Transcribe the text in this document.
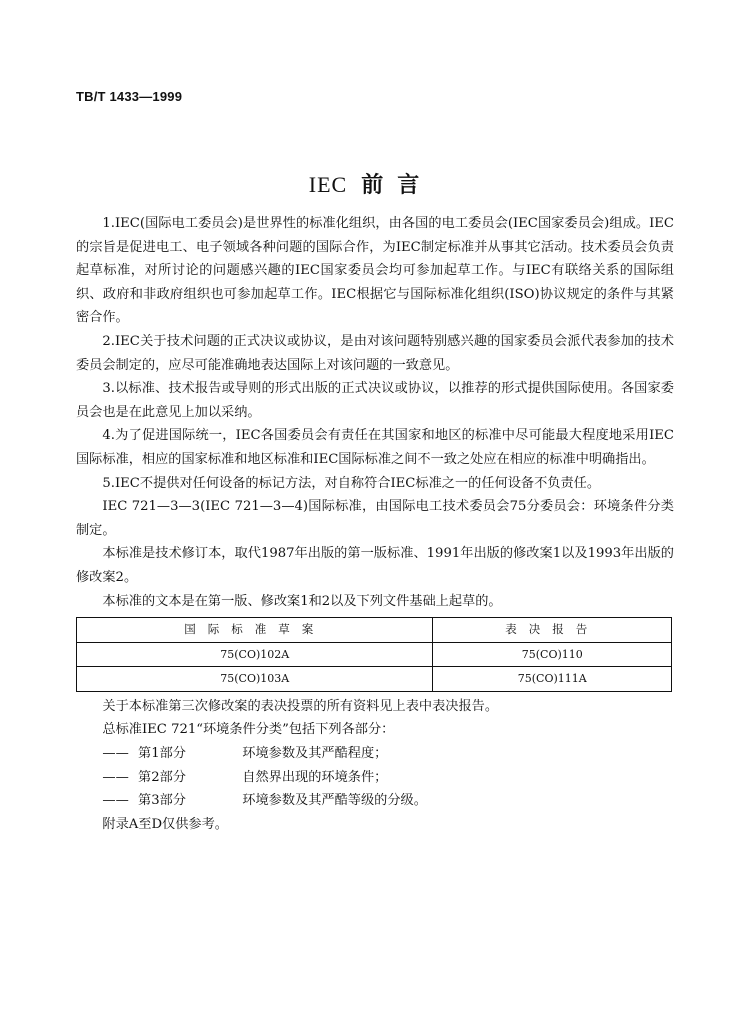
TB/T 1433—1999
IEC 前言

1.IEC(国际电工委员会)是世界性的标准化组织，由各国的电工委员会(IEC国家委员会)组成。IEC的宗旨是促进电工、电子领域各种问题的国际合作，为IEC制定标准并从事其它活动。技术委员会负责起草标准，对所讨论的问题感兴趣的IEC国家委员会均可参加起草工作。与IEC有联络关系的国际组织、政府和非政府组织也可参加起草工作。IEC根据它与国际标准化组织(ISO)协议规定的条件与其紧密合作。

2.IEC关于技术问题的正式决议或协议，是由对该问题特别感兴趣的国家委员会派代表参加的技术委员会制定的，应尽可能准确地表达国际上对该问题的一致意见。

3.以标准、技术报告或导则的形式出版的正式决议或协议，以推荐的形式提供国际使用。各国家委员会也是在此意见上加以采纳。

4.为了促进国际统一，IEC各国委员会有责任在其国家和地区的标准中尽可能最大程度地采用IEC国际标准，相应的国家标准和地区标准和IEC国际标准之间不一致之处应在相应的标准中明确指出。

5.IEC不提供对任何设备的标记方法，对自称符合IEC标准之一的任何设备不负责任。

IEC 721—3—3(IEC 721—3—4)国际标准，由国际电工技术委员会75分委员会：环境条件分类制定。

本标准是技术修订本，取代1987年出版的第一版标准、1991年出版的修改案1以及1993年出版的修改案2。

本标准的文本是在第一版、修改案1和2以及下列文件基础上起草的。

国际标准草案	表决报告
75(CO)102A	75(CO)110
75(CO)103A	75(CO)111A

关于本标准第三次修改案的表决投票的所有资料见上表中表决报告。

总标准IEC 721“环境条件分类”包括下列各部分：

—— 第1部分	环境参数及其严酷程度；

—— 第2部分	自然界出现的环境条件；

—— 第3部分	环境参数及其严酷等级的分级。

附录A至D仅供参考。
